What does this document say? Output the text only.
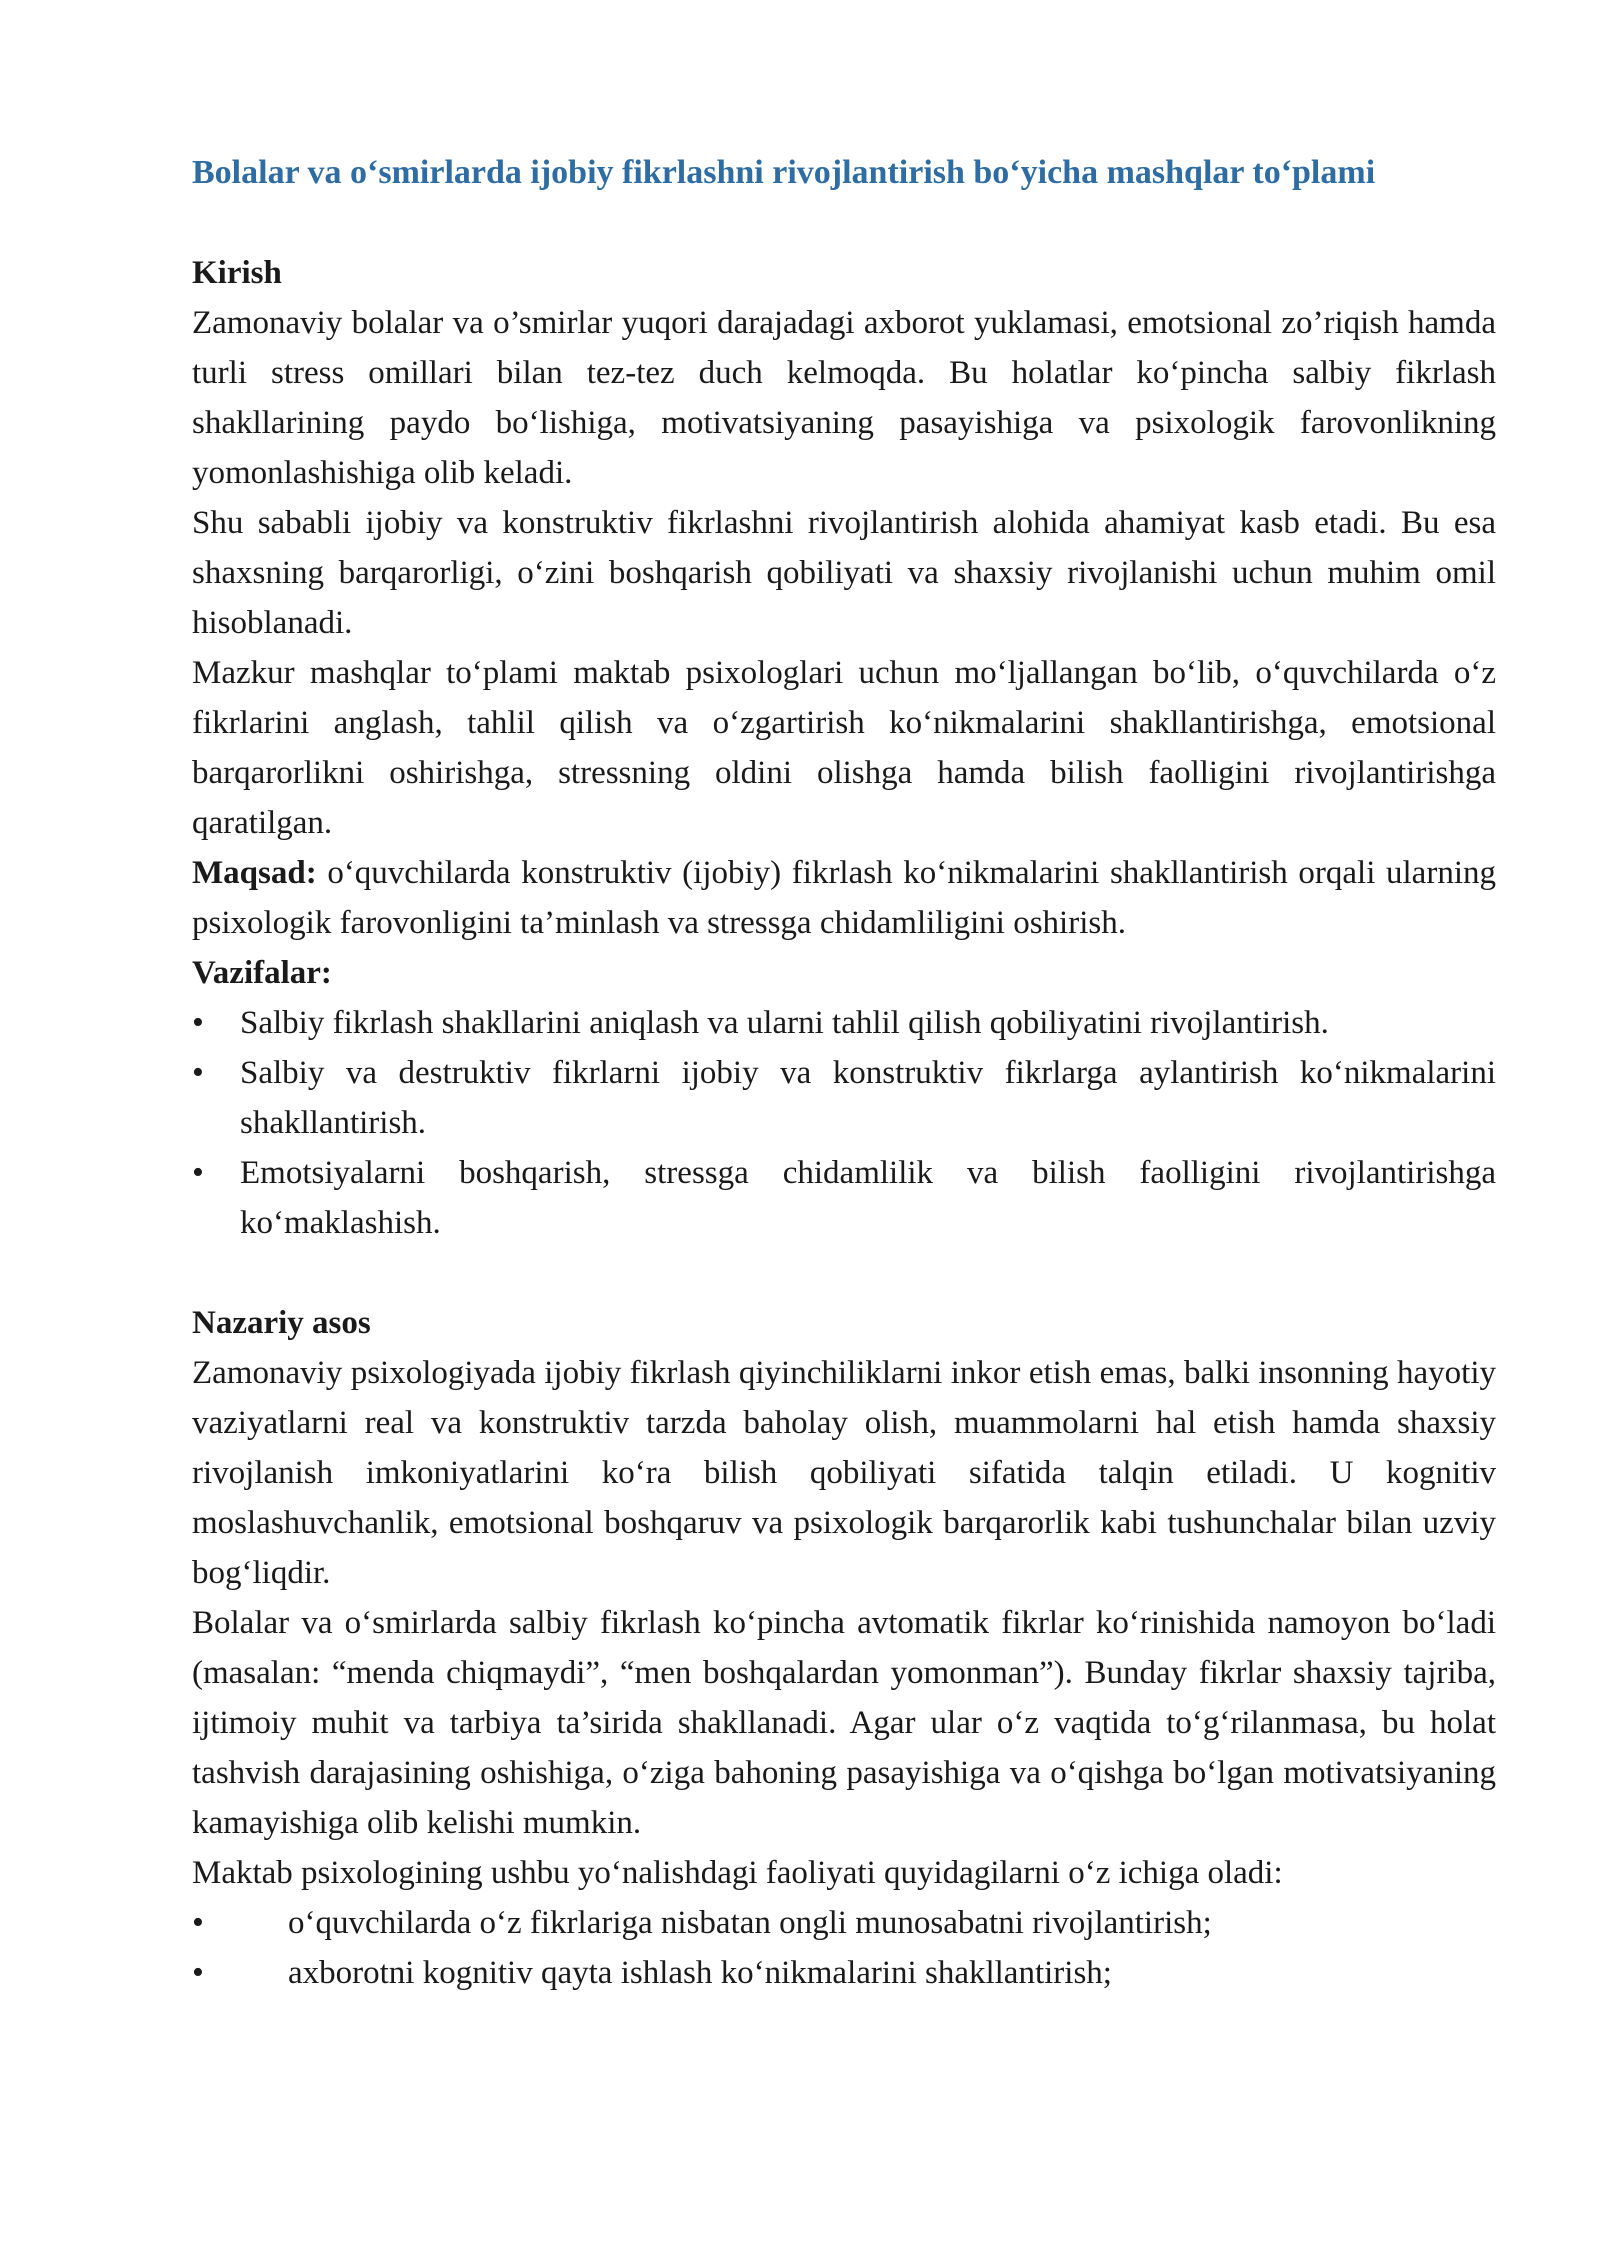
Bolalar va o‘smirlarda ijobiy fikrlashni rivojlantirish bo‘yicha mashqlar to‘plami
Kirish

Zamonaviy bolalar va o’smirlar yuqori darajadagi axborot yuklamasi, emotsional zo’riqish hamda turli stress omillari bilan tez-tez duch kelmoqda. Bu holatlar ko‘pincha salbiy fikrlash shakllarining paydo bo‘lishiga, motivatsiyaning pasayishiga va psixologik farovonlikning yomonlashishiga olib keladi.

Shu sababli ijobiy va konstruktiv fikrlashni rivojlantirish alohida ahamiyat kasb etadi. Bu esa shaxsning barqarorligi, o‘zini boshqarish qobiliyati va shaxsiy rivojlanishi uchun muhim omil hisoblanadi.

Mazkur mashqlar to‘plami maktab psixologlari uchun mo‘ljallangan bo‘lib, o‘quvchilarda o‘z fikrlarini anglash, tahlil qilish va o‘zgartirish ko‘nikmalarini shakllantirishga, emotsional barqarorlikni oshirishga, stressning oldini olishga hamda bilish faolligini rivojlantirishga qaratilgan.

Maqsad: o‘quvchilarda konstruktiv (ijobiy) fikrlash ko‘nikmalarini shakllantirish orqali ularning psixologik farovonligini ta’minlash va stressga chidamliligini oshirish.

Vazifalar:
• Salbiy fikrlash shakllarini aniqlash va ularni tahlil qilish qobiliyatini rivojlantirish.
• Salbiy va destruktiv fikrlarni ijobiy va konstruktiv fikrlarga aylantirish ko‘nikmalarini shakllantirish.
• Emotsiyalarni boshqarish, stressga chidamlilik va bilish faolligini rivojlantirishga ko‘maklashish.
Nazariy asos

Zamonaviy psixologiyada ijobiy fikrlash qiyinchiliklarni inkor etish emas, balki insonning hayotiy vaziyatlarni real va konstruktiv tarzda baholay olish, muammolarni hal etish hamda shaxsiy rivojlanish imkoniyatlarini ko‘ra bilish qobiliyati sifatida talqin etiladi. U kognitiv moslashuvchanlik, emotsional boshqaruv va psixologik barqarorlik kabi tushunchalar bilan uzviy bog‘liqdir.

Bolalar va o‘smirlarda salbiy fikrlash ko‘pincha avtomatik fikrlar ko‘rinishida namoyon bo‘ladi (masalan: “menda chiqmaydi”, “men boshqalardan yomonman”). Bunday fikrlar shaxsiy tajriba, ijtimoiy muhit va tarbiya ta’sirida shakllanadi. Agar ular o‘z vaqtida to‘g‘rilanmasa, bu holat tashvish darajasining oshishiga, o‘ziga bahoning pasayishiga va o‘qishga bo‘lgan motivatsiyaning kamayishiga olib kelishi mumkin.

Maktab psixologining ushbu yo‘nalishdagi faoliyati quyidagilarni o‘z ichiga oladi:

• o‘quvchilarda o‘z fikrlariga nisbatan ongli munosabatni rivojlantirish;
• axborotni kognitiv qayta ishlash ko‘nikmalarini shakllantirish;
